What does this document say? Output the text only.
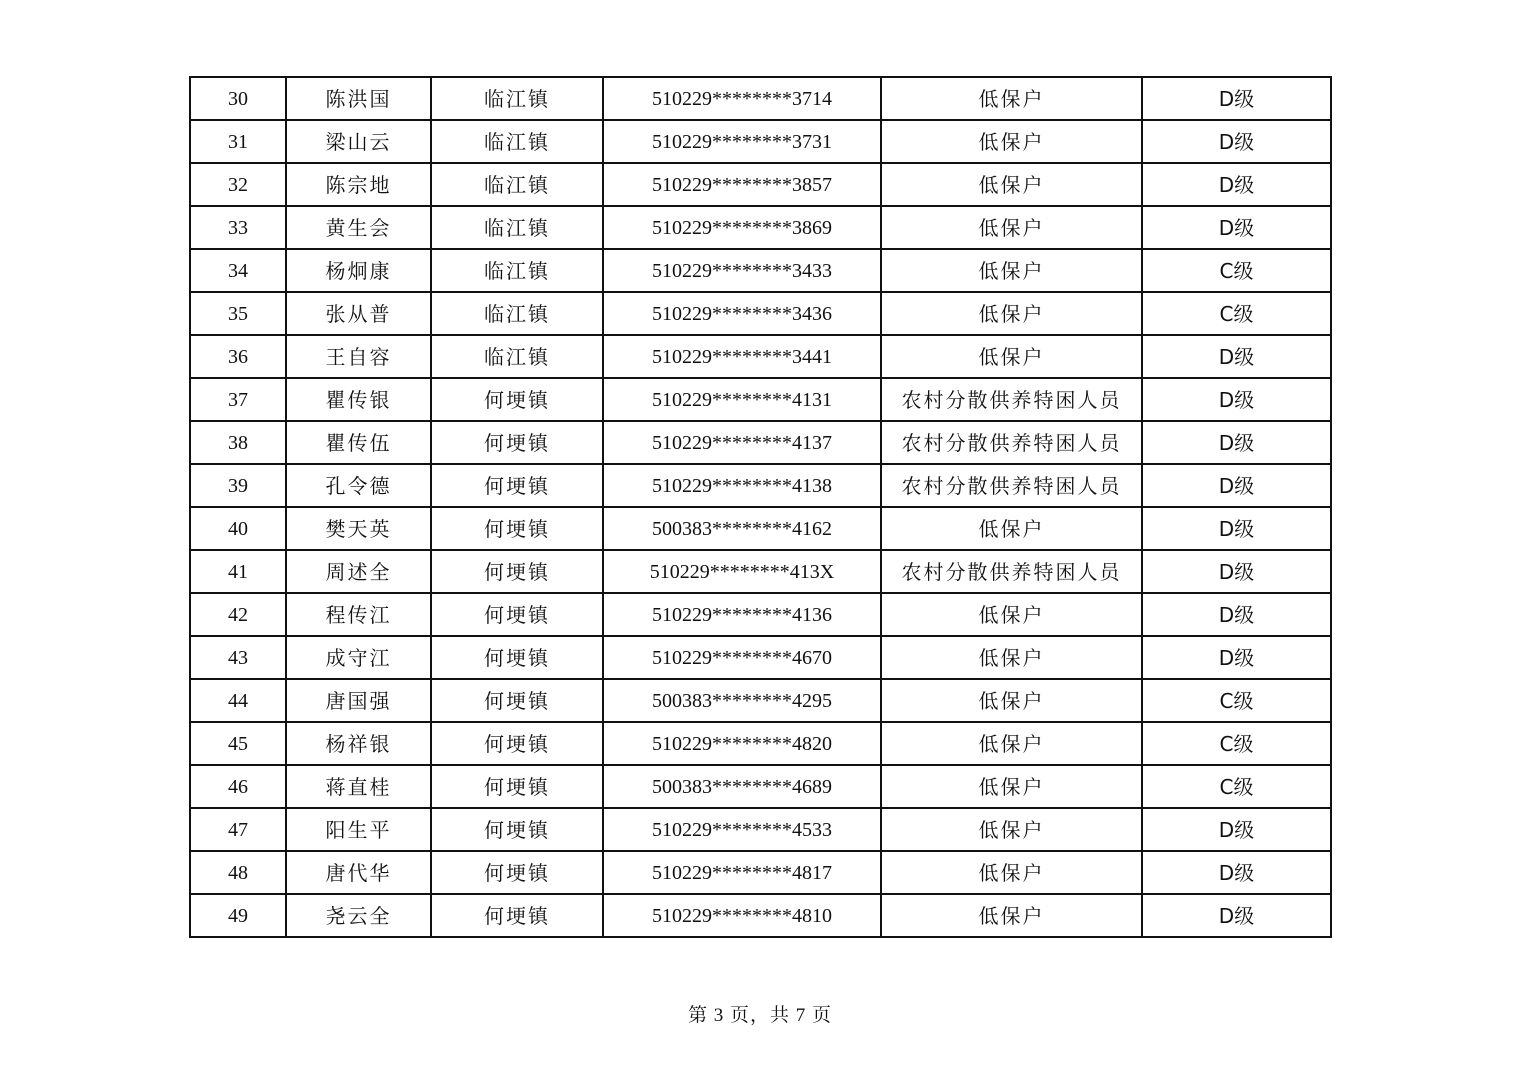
30	陈洪国	临江镇	510229********3714	低保户	D级
31	梁山云	临江镇	510229********3731	低保户	D级
32	陈宗地	临江镇	510229********3857	低保户	D级
33	黄生会	临江镇	510229********3869	低保户	D级
34	杨炯康	临江镇	510229********3433	低保户	C级
35	张从普	临江镇	510229********3436	低保户	C级
36	王自容	临江镇	510229********3441	低保户	D级
37	瞿传银	何埂镇	510229********4131	农村分散供养特困人员	D级
38	瞿传伍	何埂镇	510229********4137	农村分散供养特困人员	D级
39	孔令德	何埂镇	510229********4138	农村分散供养特困人员	D级
40	樊天英	何埂镇	500383********4162	低保户	D级
41	周述全	何埂镇	510229********413X	农村分散供养特困人员	D级
42	程传江	何埂镇	510229********4136	低保户	D级
43	成守江	何埂镇	510229********4670	低保户	D级
44	唐国强	何埂镇	500383********4295	低保户	C级
45	杨祥银	何埂镇	510229********4820	低保户	C级
46	蒋直桂	何埂镇	500383********4689	低保户	C级
47	阳生平	何埂镇	510229********4533	低保户	D级
48	唐代华	何埂镇	510229********4817	低保户	D级
49	尧云全	何埂镇	510229********4810	低保户	D级
第 3 页，共 7 页
